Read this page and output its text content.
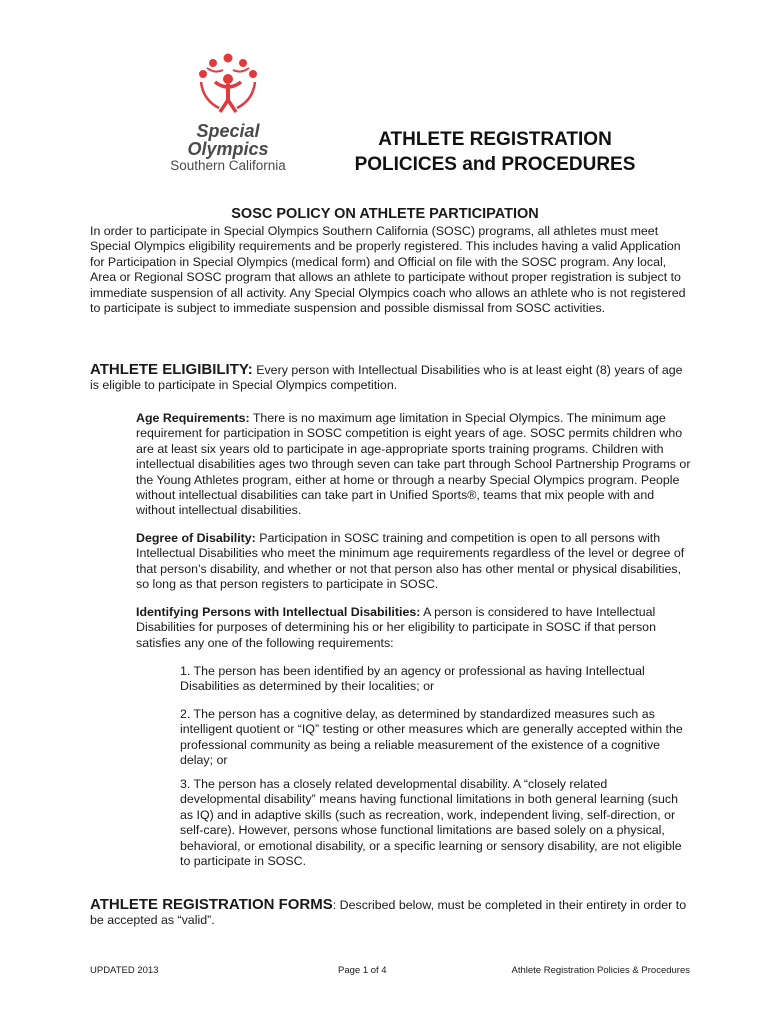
Special
Olympics
Southern California
ATHLETE REGISTRATION
POLICICES and PROCEDURES
SOSC POLICY ON ATHLETE PARTICIPATION
In order to participate in Special Olympics Southern California (SOSC) programs, all athletes must meet Special Olympics eligibility requirements and be properly registered. This includes having a valid Application for Participation in Special Olympics (medical form) and Official on file with the SOSC program. Any local, Area or Regional SOSC program that allows an athlete to participate without proper registration is subject to immediate suspension of all activity. Any Special Olympics coach who allows an athlete who is not registered to participate is subject to immediate suspension and possible dismissal from SOSC activities.
ATHLETE ELIGIBILITY: Every person with Intellectual Disabilities who is at least eight (8) years of age is eligible to participate in Special Olympics competition.
Age Requirements: There is no maximum age limitation in Special Olympics. The minimum age requirement for participation in SOSC competition is eight years of age. SOSC permits children who are at least six years old to participate in age-appropriate sports training programs. Children with intellectual disabilities ages two through seven can take part through School Partnership Programs or the Young Athletes program, either at home or through a nearby Special Olympics program. People without intellectual disabilities can take part in Unified Sports®, teams that mix people with and without intellectual disabilities.
Degree of Disability: Participation in SOSC training and competition is open to all persons with Intellectual Disabilities who meet the minimum age requirements regardless of the level or degree of that person’s disability, and whether or not that person also has other mental or physical disabilities, so long as that person registers to participate in SOSC.
Identifying Persons with Intellectual Disabilities: A person is considered to have Intellectual Disabilities for purposes of determining his or her eligibility to participate in SOSC if that person satisfies any one of the following requirements:
1. The person has been identified by an agency or professional as having Intellectual Disabilities as determined by their localities; or
2. The person has a cognitive delay, as determined by standardized measures such as intelligent quotient or “IQ” testing or other measures which are generally accepted within the professional community as being a reliable measurement of the existence of a cognitive delay; or
3. The person has a closely related developmental disability. A “closely related developmental disability” means having functional limitations in both general learning (such as IQ) and in adaptive skills (such as recreation, work, independent living, self-direction, or self-care). However, persons whose functional limitations are based solely on a physical, behavioral, or emotional disability, or a specific learning or sensory disability, are not eligible to participate in SOSC.
ATHLETE REGISTRATION FORMS: Described below, must be completed in their entirety in order to be accepted as “valid”.
UPDATED 2013	Page 1 of 4	Athlete Registration Policies & Procedures
